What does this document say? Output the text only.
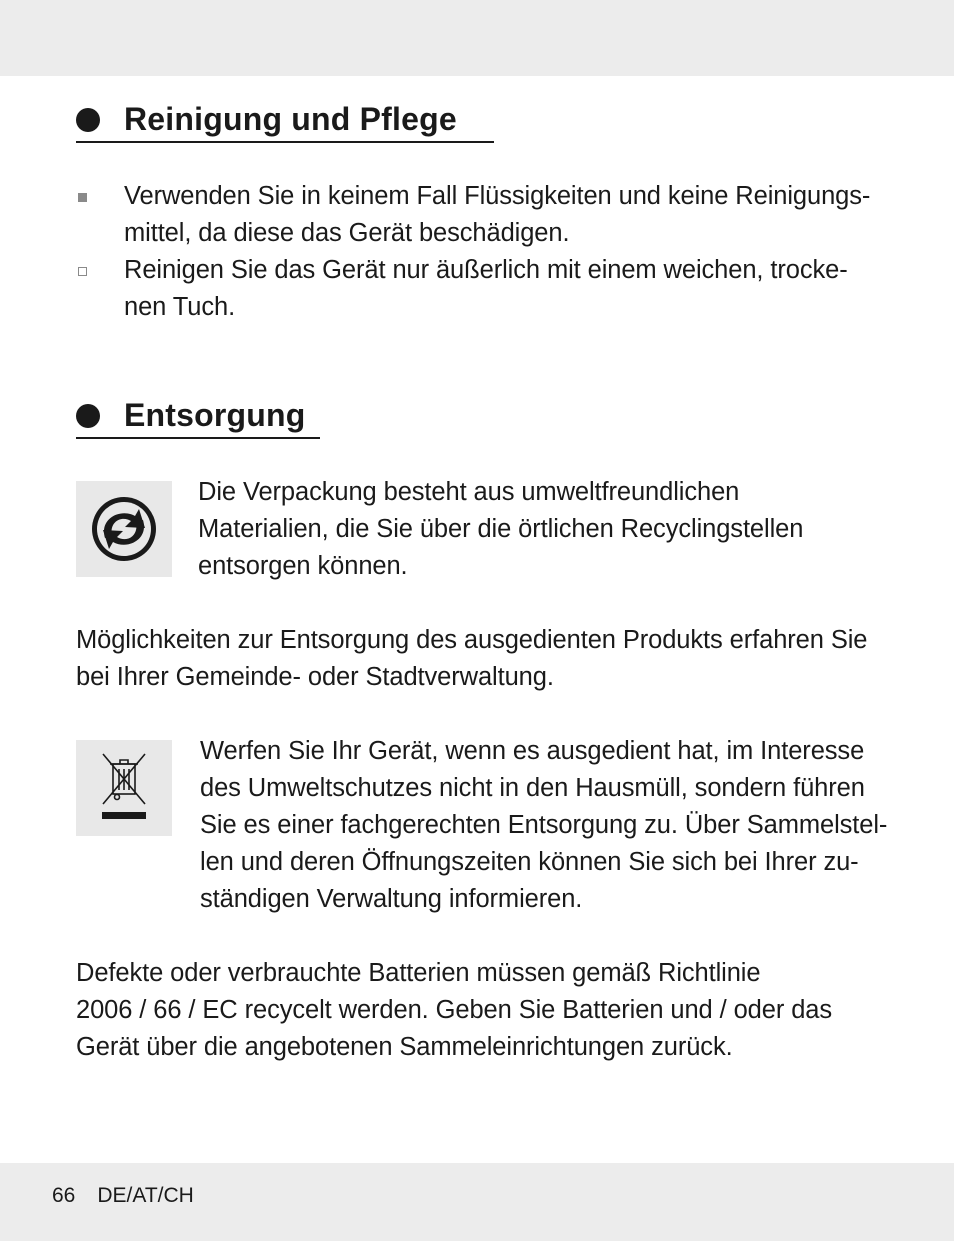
Reinigung und Pflege
Verwenden Sie in keinem Fall Flüssigkeiten und keine Reinigungs-
mittel, da diese das Gerät beschädigen.
Reinigen Sie das Gerät nur äußerlich mit einem weichen, trocke-
nen Tuch.
Entsorgung

Die Verpackung besteht aus umweltfreundlichen
Materialien, die Sie über die örtlichen Recyclingstellen
entsorgen können.

Möglichkeiten zur Entsorgung des ausgedienten Produkts erfahren Sie
bei Ihrer Gemeinde- oder Stadtverwaltung.

Werfen Sie Ihr Gerät, wenn es ausgedient hat, im Interesse
des Umweltschutzes nicht in den Hausmüll, sondern führen
Sie es einer fachgerechten Entsorgung zu. Über Sammelstel-
len und deren Öffnungszeiten können Sie sich bei Ihrer zu-
ständigen Verwaltung informieren.

Defekte oder verbrauchte Batterien müssen gemäß Richtlinie
2006 / 66 / EC recycelt werden. Geben Sie Batterien und / oder das
Gerät über die angebotenen Sammeleinrichtungen zurück.

66 DE/AT/CH
